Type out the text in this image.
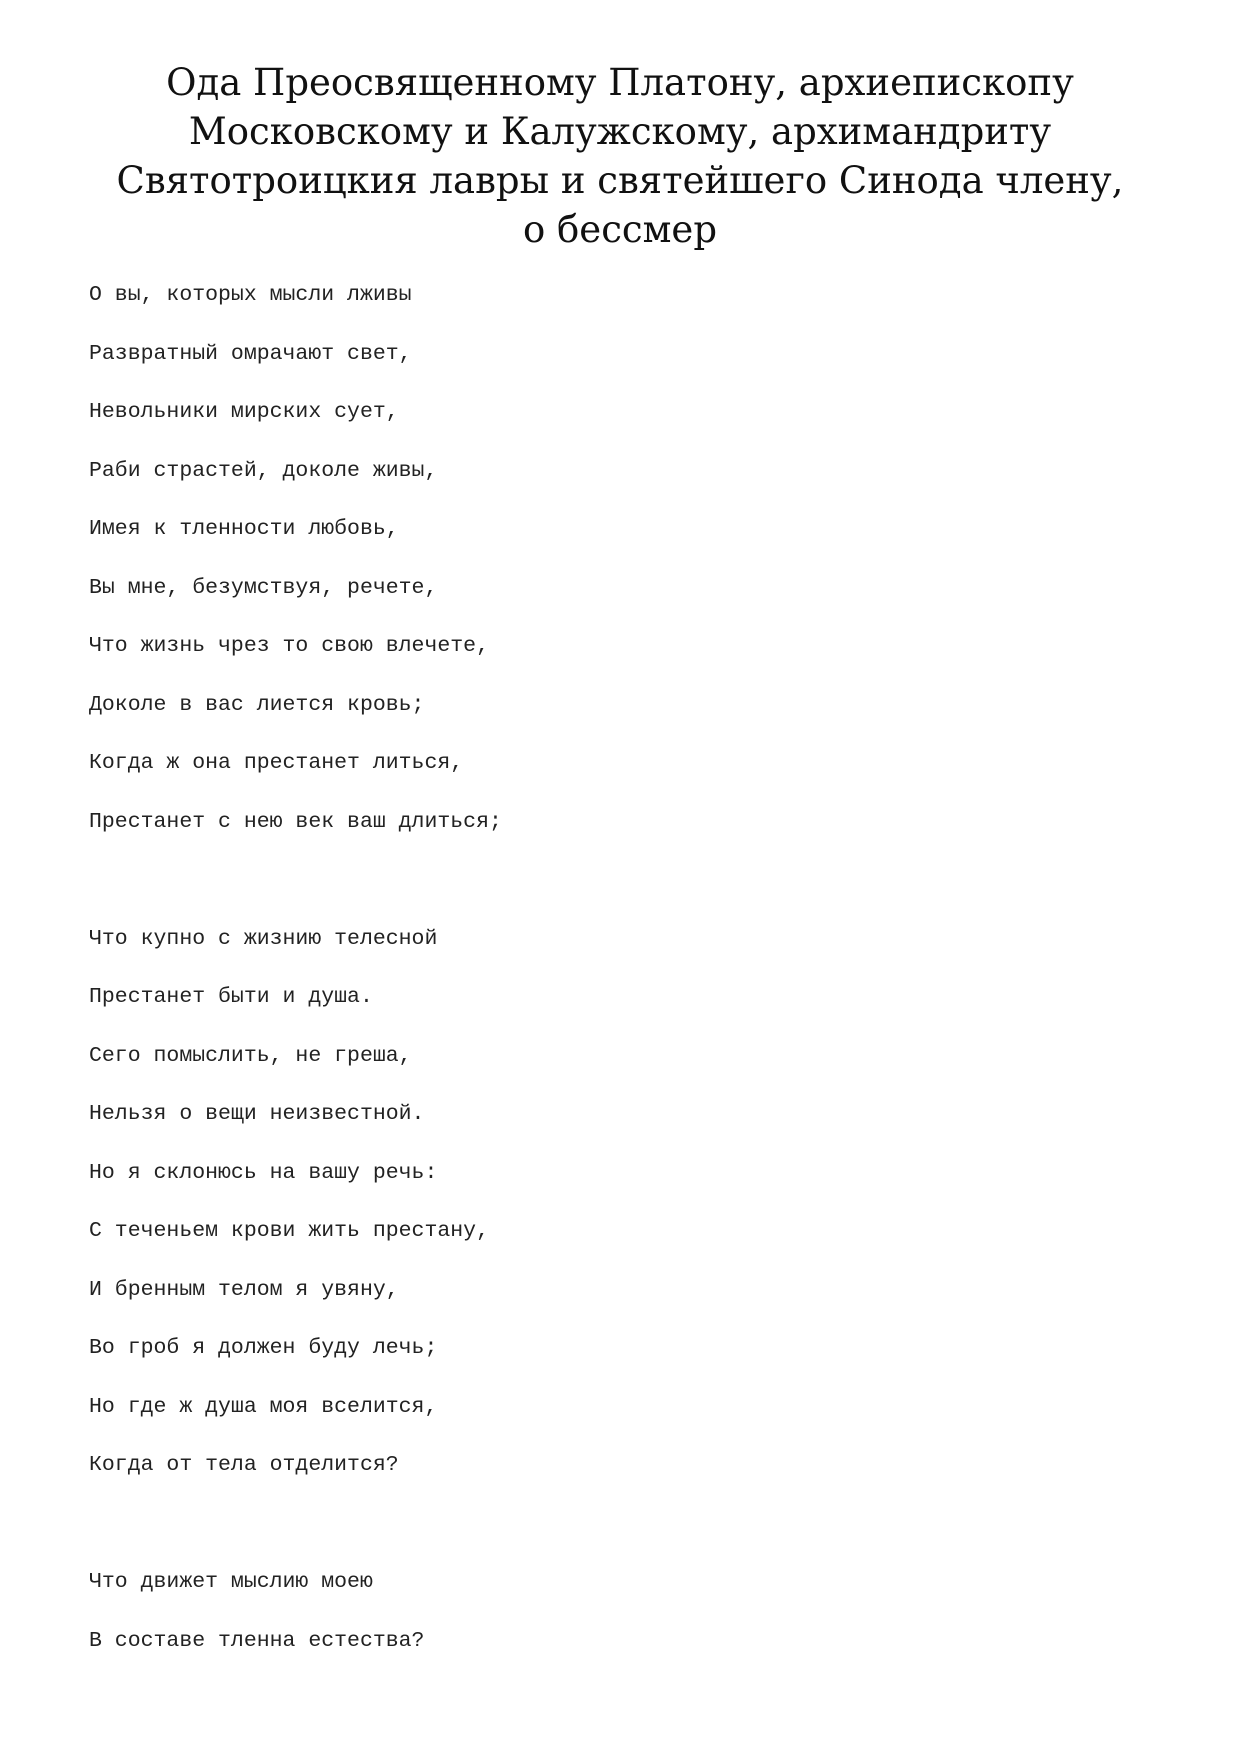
Ода Преосвященному Платону, архиепископу Московскому и Калужскому, архимандриту Святотроицкия лавры и святейшего Синода члену, о бессмер
О вы, которых мысли лживы
Развратный омрачают свет,
Невольники мирских сует,
Раби страстей, доколе живы,
Имея к тленности любовь,
Вы мне, безумствуя, речете,
Что жизнь чрез то свою влечете,
Доколе в вас лиется кровь;
Когда ж она престанет литься,
Престанет с нею век ваш длиться;
Что купно с жизнию телесной
Престанет быти и душа.
Сего помыслить, не греша,
Нельзя о вещи неизвестной.
Но я склонюсь на вашу речь:
С теченьем крови жить престану,
И бренным телом я увяну,
Во гроб я должен буду лечь;
Но где ж душа моя вселится,
Когда от тела отделится?
Что движет мыслию моею
В составе тленна естества?
